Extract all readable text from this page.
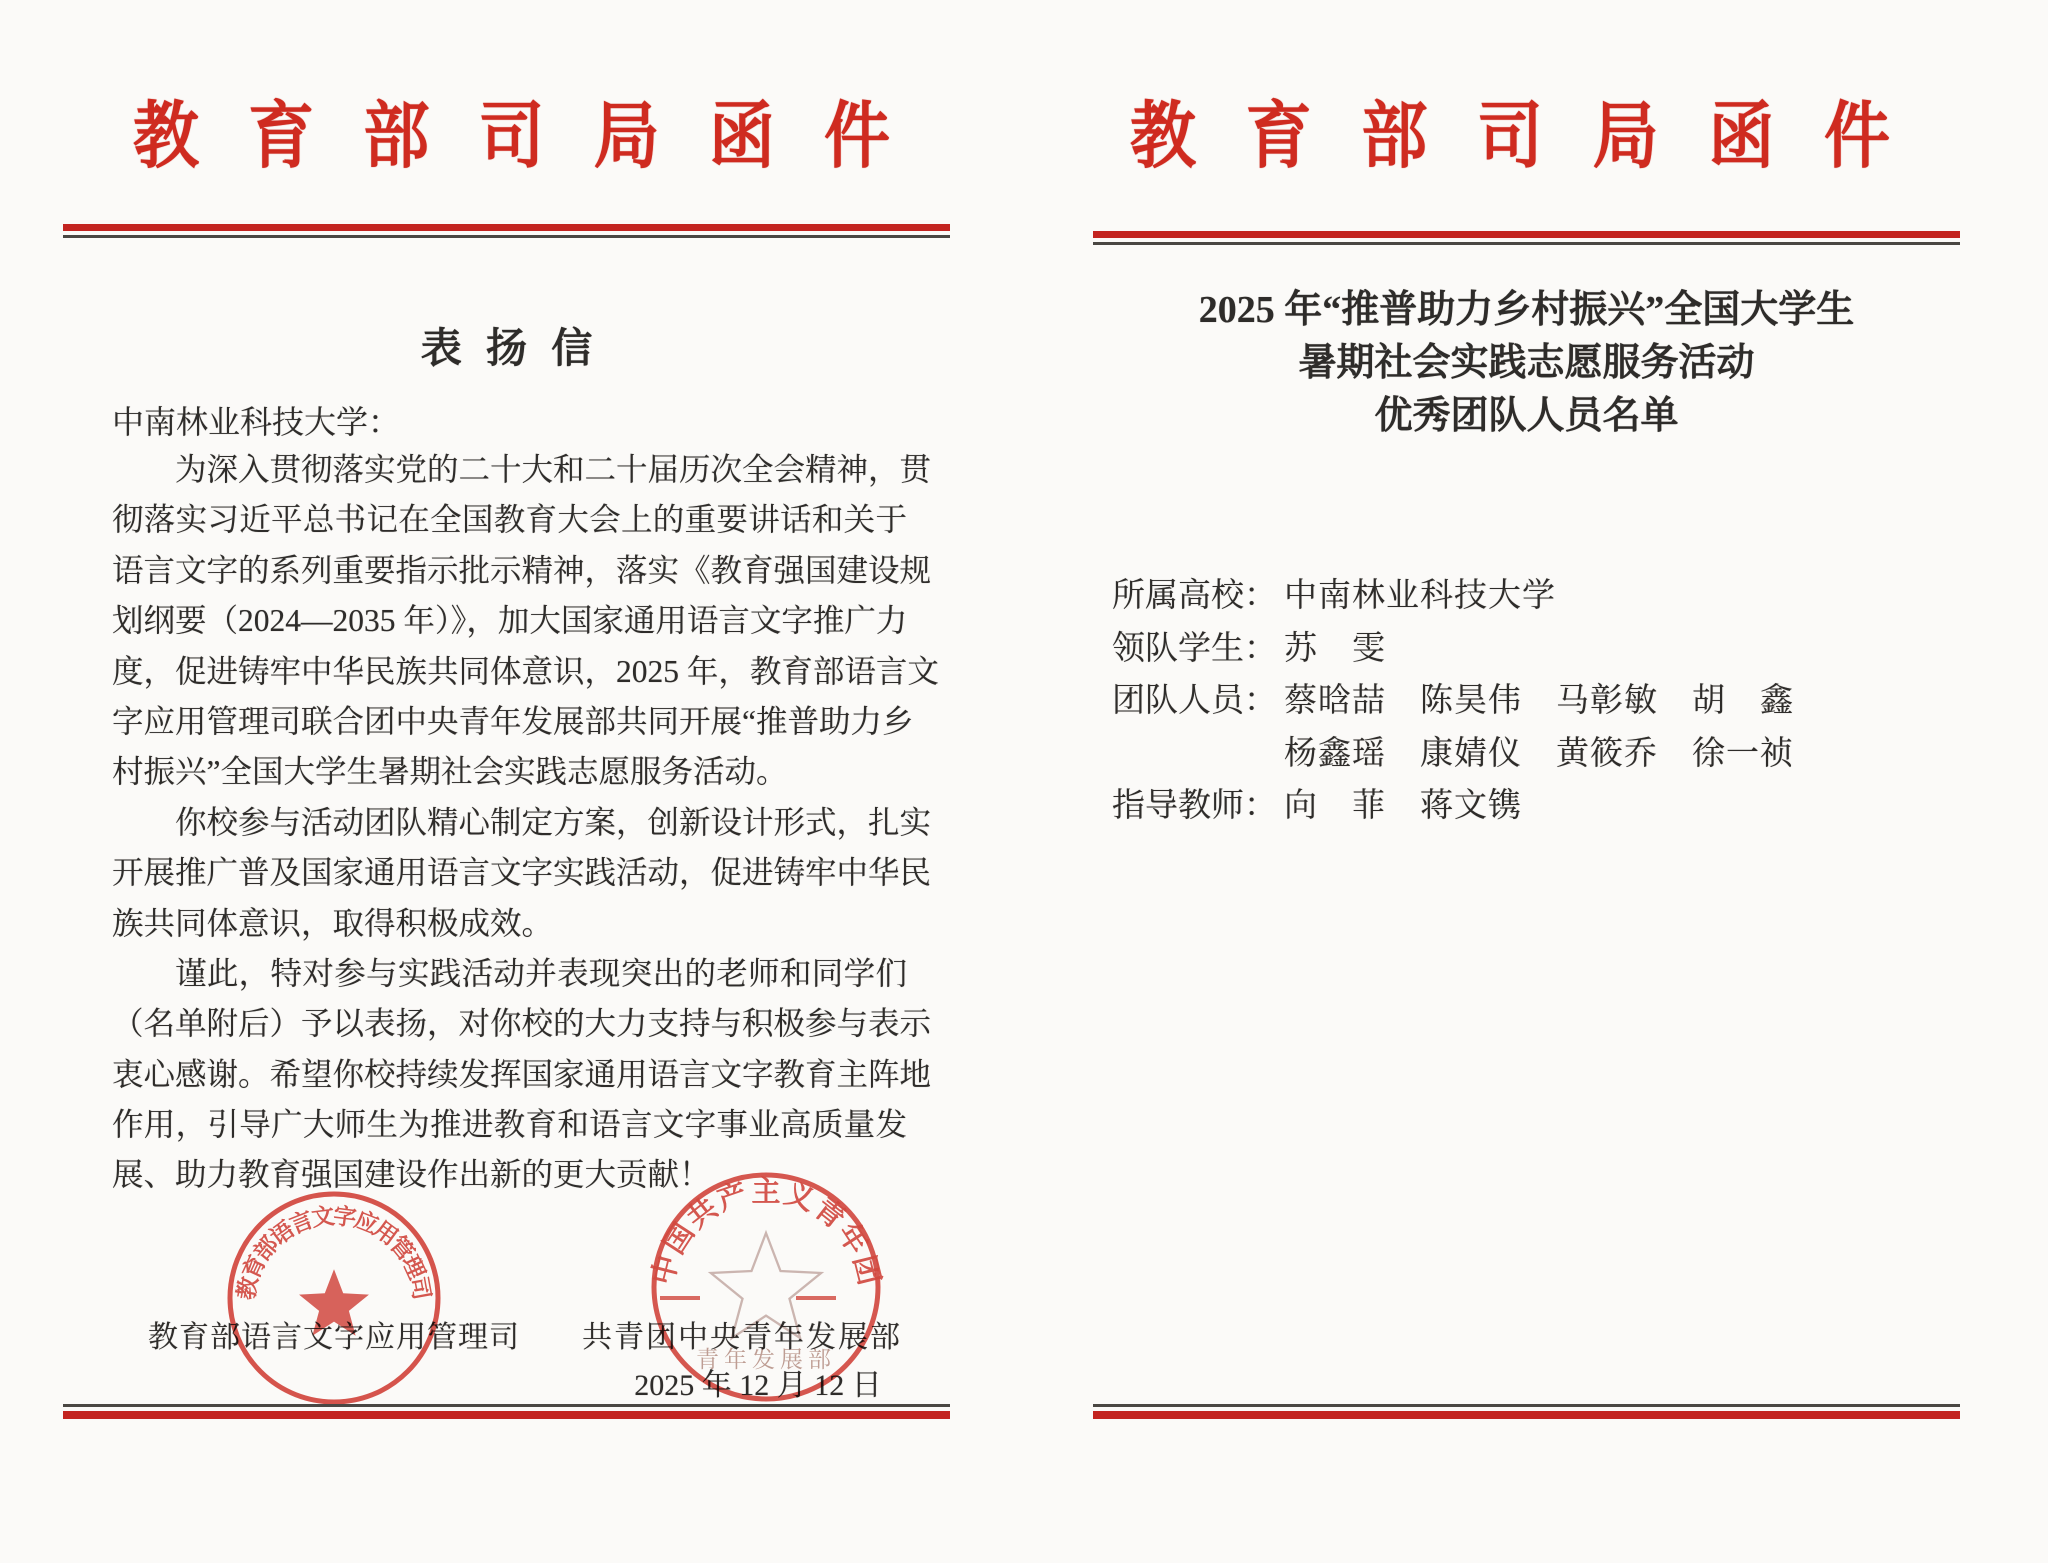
教 育 部 司 局 函 件
表 扬 信
中南林业科技大学：
为深入贯彻落实党的二十大和二十届历次全会精神，贯
彻落实习近平总书记在全国教育大会上的重要讲话和关于
语言文字的系列重要指示批示精神，落实《教育强国建设规
划纲要（2024—2035 年）》，加大国家通用语言文字推广力
度，促进铸牢中华民族共同体意识，2025 年，教育部语言文
字应用管理司联合团中央青年发展部共同开展“推普助力乡
村振兴”全国大学生暑期社会实践志愿服务活动。
你校参与活动团队精心制定方案，创新设计形式，扎实
开展推广普及国家通用语言文字实践活动，促进铸牢中华民
族共同体意识，取得积极成效。
谨此，特对参与实践活动并表现突出的老师和同学们
（名单附后）予以表扬，对你校的大力支持与积极参与表示
衷心感谢。希望你校持续发挥国家通用语言文字教育主阵地
作用，引导广大师生为推进教育和语言文字事业高质量发
展、助力教育强国建设作出新的更大贡献！
教育部语言文字应用管理司 共青团中央青年发展部
2025 年 12 月 12 日
教育部语言文字应用管理司
中国共产主义青年团
青年发展部
教 育 部 司 局 函 件
2025 年“推普助力乡村振兴”全国大学生
暑期社会实践志愿服务活动
优秀团队人员名单
所属高校： 中南林业科技大学
领队学生： 苏　雯
团队人员： 蔡晗喆　陈昊伟　马彰敏　胡　鑫
杨鑫瑶　康婧仪　黄筱乔　徐一祯
指导教师： 向　菲　蒋文镌
